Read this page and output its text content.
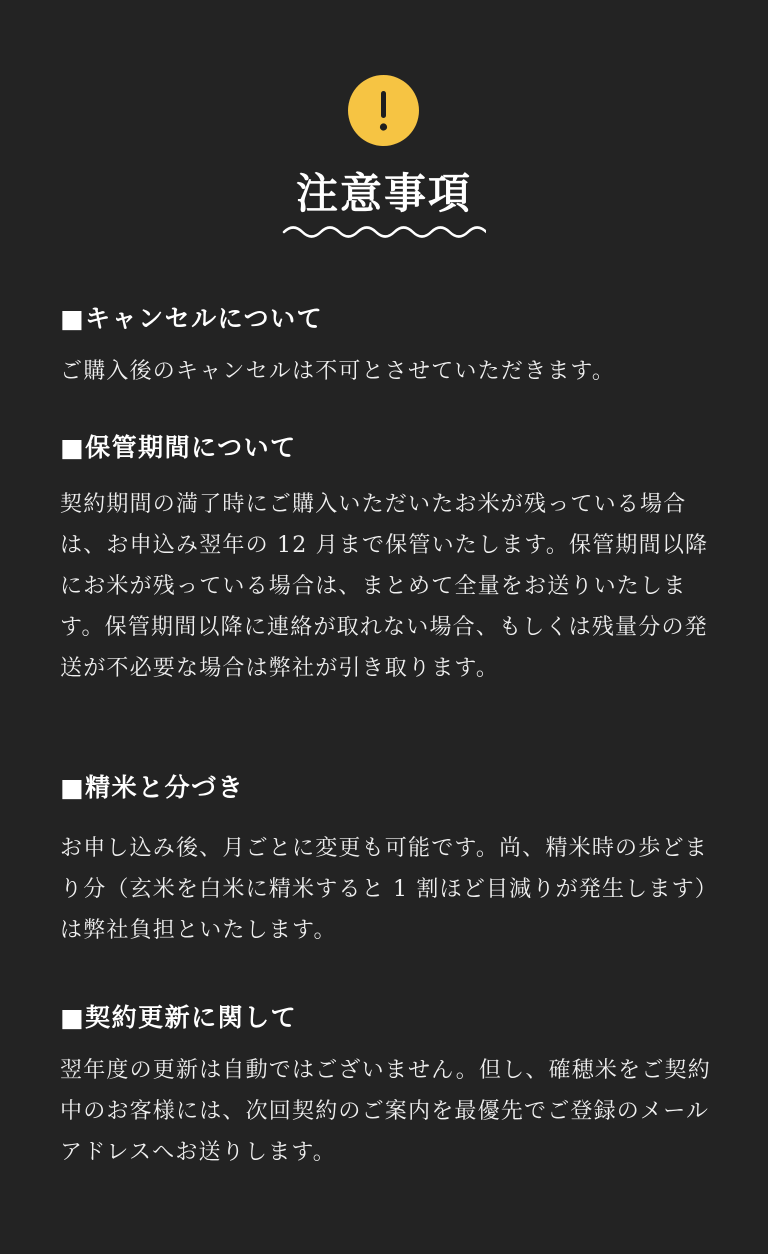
注意事項
■キャンセルについて

ご購入後のキャンセルは不可とさせていただきます。

■保管期間について

契約期間の満了時にご購入いただいたお米が残っている場合は、お申込み翌年の 12 月まで保管いたします。保管期間以降にお米が残っている場合は、まとめて全量をお送りいたします。保管期間以降に連絡が取れない場合、もしくは残量分の発送が不必要な場合は弊社が引き取ります。

■精米と分づき

お申し込み後、月ごとに変更も可能です。尚、精米時の歩どまり分（玄米を白米に精米すると 1 割ほど目減りが発生します）は弊社負担といたします。

■契約更新に関して

翌年度の更新は自動ではございません。但し、確穂米をご契約中のお客様には、次回契約のご案内を最優先でご登録のメールアドレスへお送りします。
